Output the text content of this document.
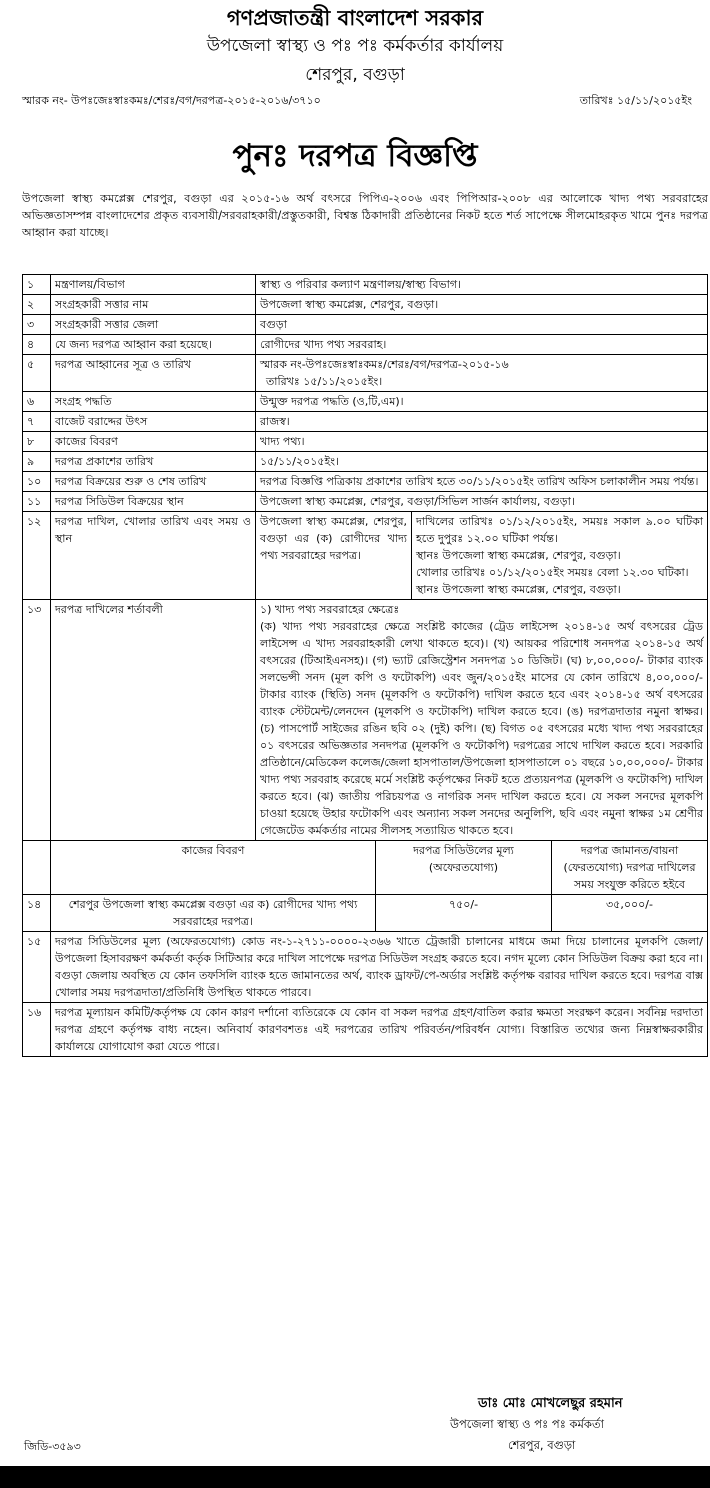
গণপ্রজাতন্ত্রী বাংলাদেশ সরকার
উপজেলা স্বাস্থ্য ও পঃ পঃ কর্মকর্তার কার্যালয়
শেরপুর, বগুড়া
স্মারক নং- উপঃজেঃস্বাঃকমঃ/শেরঃ/বগ/দরপত্র-২০১৫-২০১৬/৩৭১০	তারিখঃ ১৫/১১/২০১৫ইং
পুনঃ দরপত্র বিজ্ঞপ্তি
উপজেলা স্বাস্থ্য কমপ্লেক্স শেরপুর, বগুড়া এর ২০১৫-১৬ অর্থ বৎসরে পিপিএ-২০০৬ এবং পিপিআর-২০০৮ এর আলোকে খাদ্য পথ্য সরবরাহের অভিজ্ঞতাসম্পন্ন বাংলাদেশের প্রকৃত ব্যবসায়ী/সরবরাহকারী/প্রস্তুতকারী, বিশ্বস্ত ঠিকাদারী প্রতিষ্ঠানের নিকট হতে শর্ত সাপেক্ষে সীলমোহরকৃত খামে পুনঃ দরপত্র আহ্বান করা যাচ্ছে।
১	মন্ত্রণালয়/বিভাগ	স্বাস্থ্য ও পরিবার কল্যাণ মন্ত্রণালয়/স্বাস্থ্য বিভাগ।			
২	সংগ্রহকারী সত্তার নাম	উপজেলা স্বাস্থ্য কমপ্লেক্স, শেরপুর, বগুড়া।			
৩	সংগ্রহকারী সত্তার জেলা	বগুড়া			
৪	যে জন্য দরপত্র আহ্বান করা হয়েছে।	রোগীদের খাদ্য পথ্য সরবরাহ।			
৫	দরপত্র আহ্বানের সূত্র ও তারিখ	স্মারক নং-উপঃজেঃস্বাঃকমঃ/শেরঃ/বগ/দরপত্র-২০১৫-১৬
তারিখঃ ১৫/১১/২০১৫ইং।			

৬	সংগ্রহ পদ্ধতি	উন্মুক্ত দরপত্র পদ্ধতি (ও,টি,এম)।			
৭	বাজেট বরাদ্দের উৎস	রাজস্ব।			
৮	কাজের বিবরণ	খাদ্য পথ্য।			
৯	দরপত্র প্রকাশের তারিখ	১৫/১১/২০১৫ইং।			
১০	দরপত্র বিক্রয়ের শুরু ও শেষ তারিখ	দরপত্র বিজ্ঞপ্তি পত্রিকায় প্রকাশের তারিখ হতে ৩০/১১/২০১৫ইং তারিখ অফিস চলাকালীন সময় পর্যন্ত।			
১১	দরপত্র সিডিউল বিক্রয়ের স্থান	উপজেলা স্বাস্থ্য কমপ্লেক্স, শেরপুর, বগুড়া/সিভিল সার্জন কার্যালয়, বগুড়া।			
১২	দরপত্র দাখিল, খোলার তারিখ এবং সময় ও স্থান	উপজেলা স্বাস্থ্য কমপ্লেক্স, শেরপুর, বগুড়া এর (ক) রোগীদের খাদ্য পথ্য সরবরাহের দরপত্র।		দাখিলের তারিখঃ ০১/১২/২০১৫ইং, সময়ঃ সকাল ৯.০০ ঘটিকা হতে দুপুরঃ ১২.০০ ঘটিকা পর্যন্ত।
স্থানঃ উপজেলা স্বাস্থ্য কমপ্লেক্স, শেরপুর, বগুড়া।
খোলার তারিখঃ ০১/১২/২০১৫ইং সময়ঃ বেলা ১২.৩০ ঘটিকা।
স্থানঃ উপজেলা স্বাস্থ্য কমপ্লেক্স, শেরপুর, বগুড়া।	

১৩	দরপত্র দাখিলের শর্তাবলী	১) খাদ্য পথ্য সরবরাহের ক্ষেত্রেঃ
(ক) খাদ্য পথ্য সরবরাহের ক্ষেত্রে সংশ্লিষ্ট কাজের (ট্রেড লাইসেন্স ২০১৪-১৫ অর্থ বৎসরের ট্রেড লাইসেন্স এ খাদ্য সরবরাহকারী লেখা থাকতে হবে)। (খ) আয়কর পরিশোধ সনদপত্র ২০১৪-১৫ অর্থ বৎসরের (টিআইএনসহ)। (গ) ভ্যাট রেজিস্ট্রেশন সনদপত্র ১০ ডিজিট। (ঘ) ৮,০০,০০০/- টাকার ব্যাংক সলভেন্সী সনদ (মূল কপি ও ফটোকপি) এবং জুন/২০১৫ইং মাসের যে কোন তারিখে ৪,০০,০০০/- টাকার ব্যাংক (স্থিতি) সনদ (মূলকপি ও ফটোকপি) দাখিল করতে হবে এবং ২০১৪-১৫ অর্থ বৎসরের ব্যাংক স্টেটমেন্ট/লেনদেন (মূলকপি ও ফটোকপি) দাখিল করতে হবে। (ঙ) দরপত্রদাতার নমুনা স্বাক্ষর। (চ) পাসপোর্ট সাইজের রঙিন ছবি ০২ (দুই) কপি। (ছ) বিগত ০৫ বৎসরের মধ্যে খাদ্য পথ্য সরবরাহের ০১ বৎসরের অভিজ্ঞতার সনদপত্র (মূলকপি ও ফটোকপি) দরপত্রের সাথে দাখিল করতে হবে। সরকারি প্রতিষ্ঠানে/মেডিকেল কলেজ/জেলা হাসপাতাল/উপজেলা হাসপাতালে ০১ বছরে ১০,০০,০০০/- টাকার খাদ্য পথ্য সরবরাহ করেছে মর্মে সংশ্লিষ্ট কর্তৃপক্ষের নিকট হতে প্রত্যয়নপত্র (মূলকপি ও ফটোকপি) দাখিল করতে হবে। (ঝ) জাতীয় পরিচয়পত্র ও নাগরিক সনদ দাখিল করতে হবে। যে সকল সনদের মূলকপি চাওয়া হয়েছে উহার ফটোকপি এবং অন্যান্য সকল সনদের অনুলিপি, ছবি এবং নমুনা স্বাক্ষর ১ম শ্রেণীর গেজেটেড কর্মকর্তার নামের সীলসহ সত্যায়িত থাকতে হবে।			

	কাজের বিবরণ		দরপত্র সিডিউলের মূল্য (অফেরতযোগ্য)		দরপত্র জামানত/বায়না (ফেরতযোগ্য) দরপত্র দাখিলের সময় সংযুক্ত করিতে হইবে
১৪	শেরপুর উপজেলা স্বাস্থ্য কমপ্লেক্স বগুড়া এর ক) রোগীদের খাদ্য পথ্য সরবরাহের দরপত্র।		৭৫০/-		৩৫,০০০/-
১৫	দরপত্র সিডিউলের মূল্য (অফেরতযোগ্য) কোড নং-১-২৭১১-০০০০-২৩৬৬ খাতে ট্রেজারী চালানের মাধমে জমা দিয়ে চালানের মূলকপি জেলা/উপজেলা হিসাবরক্ষণ কর্মকর্তা কর্তৃক সিটিআর করে দাখিল সাপেক্ষে দরপত্র সিডিউল সংগ্রহ করতে হবে। নগদ মূল্যে কোন সিডিউল বিক্রয় করা হবে না। বগুড়া জেলায় অবস্থিত যে কোন তফসিলি ব্যাংক হতে জামানতের অর্থ, ব্যাংক ড্রাফট/পে-অর্ডার সংশ্লিষ্ট কর্তৃপক্ষ বরাবর দাখিল করতে হবে। দরপত্র বাক্স খোলার সময় দরপত্রদাতা/প্রতিনিধি উপস্থিত থাকতে পারবে।				
১৬	দরপত্র মূল্যায়ন কমিটি/কর্তৃপক্ষ যে কোন কারণ দর্শানো ব্যতিরেকে যে কোন বা সকল দরপত্র গ্রহণ/বাতিল করার ক্ষমতা সংরক্ষণ করেন। সর্বনিম্ন দরদাতা দরপত্র গ্রহণে কর্তৃপক্ষ বাধ্য নহেন। অনিবার্য কারণবশতঃ এই দরপত্রের তারিখ পরিবর্তন/পরিবর্ধন যোগ্য। বিস্তারিত তথ্যের জন্য নিম্নস্বাক্ষরকারীর কার্যালয়ে যোগাযোগ করা যেতে পারে।				
ডাঃ মোঃ মোখলেছুর রহমান
উপজেলা স্বাস্থ্য ও পঃ পঃ কর্মকর্তা
শেরপুর, বগুড়া
জিডি-৩৫৯৩
